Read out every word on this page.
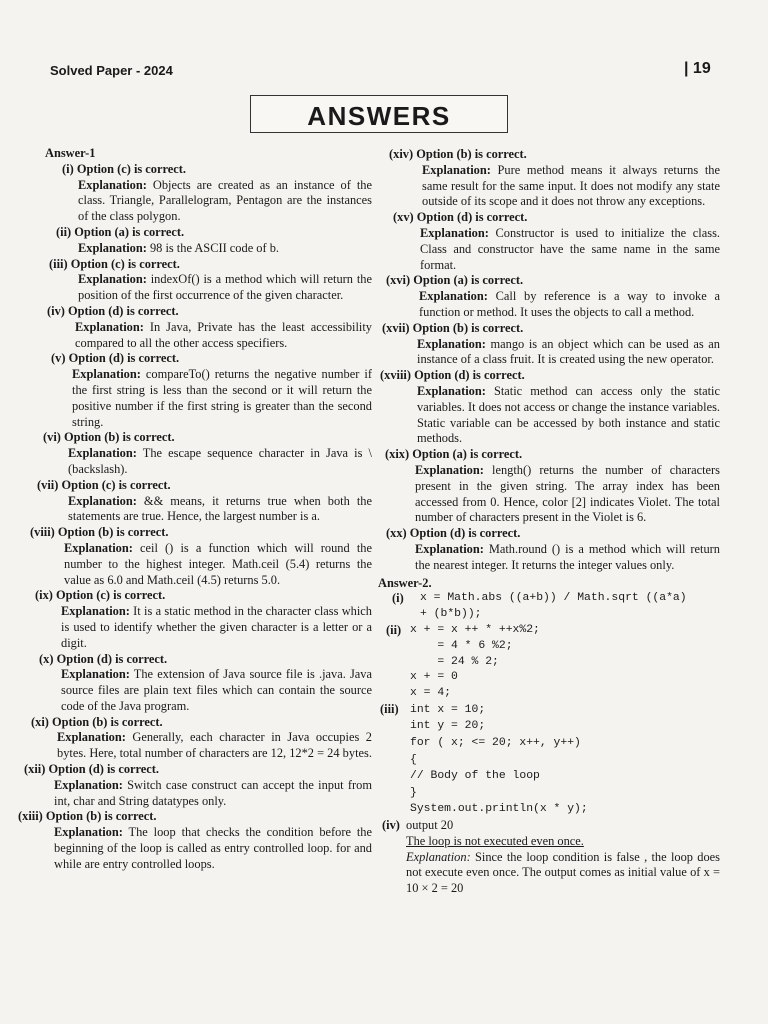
Solved Paper - 2024	| 19
ANSWERS

Answer-1

(i) Option (c) is correct.

Explanation: Objects are created as an instance of the class. Triangle, Parallelogram, Pentagon are the instances of the class polygon.

(ii) Option (a) is correct.

Explanation: 98 is the ASCII code of b.

(iii) Option (c) is correct.

Explanation: indexOf() is a method which will return the position of the first occurrence of the given character.

(iv) Option (d) is correct.

Explanation: In Java, Private has the least accessibility compared to all the other access specifiers.

(v) Option (d) is correct.

Explanation: compareTo() returns the negative number if the first string is less than the second or it will return the positive number if the first string is greater than the second string.

(vi) Option (b) is correct.

Explanation: The escape sequence character in Java is \ (backslash).

(vii) Option (c) is correct.

Explanation: && means, it returns true when both the statements are true. Hence, the largest number is a.

(viii) Option (b) is correct.

Explanation: ceil () is a function which will round the number to the highest integer. Math.ceil (5.4) returns the value as 6.0 and Math.ceil (4.5) returns 5.0.

(ix) Option (c) is correct.

Explanation: It is a static method in the character class which is used to identify whether the given character is a letter or a digit.

(x) Option (d) is correct.

Explanation: The extension of Java source file is .java. Java source files are plain text files which can contain the source code of the Java program.

(xi) Option (b) is correct.

Explanation: Generally, each character in Java occupies 2 bytes. Here, total number of characters are 12, 12*2 = 24 bytes.

(xii) Option (d) is correct.

Explanation: Switch case construct can accept the input from int, char and String datatypes only.

(xiii) Option (b) is correct.

Explanation: The loop that checks the condition before the beginning of the loop is called as entry controlled loop. for and while are entry controlled loops.

(xiv) Option (b) is correct.

Explanation: Pure method means it always returns the same result for the same input. It does not modify any state outside of its scope and it does not throw any exceptions.

(xv) Option (d) is correct.

Explanation: Constructor is used to initialize the class. Class and constructor have the same name in the same format.

(xvi) Option (a) is correct.

Explanation: Call by reference is a way to invoke a function or method. It uses the objects to call a method.

(xvii) Option (b) is correct.

Explanation: mango is an object which can be used as an instance of a class fruit. It is created using the new operator.

(xviii) Option (d) is correct.

Explanation: Static method can access only the static variables. It does not access or change the instance variables. Static variable can be accessed by both instance and static methods.

(xix) Option (a) is correct.

Explanation: length() returns the number of characters present in the given string. The array index has been accessed from 0. Hence, color [2] indicates Violet. The total number of characters present in the Violet is 6.

(xx) Option (d) is correct.

Explanation: Math.round () is a method which will return the nearest integer. It returns the integer values only.

Answer-2.

(i)	x = Math.abs ((a+b)) / Math.sqrt ((a*a)

+ (b*b));

(ii) x + = x ++ * ++x%2;

= 4 * 6 %2;

= 24 % 2;

x + = 0

x = 4;

(iii)	int x = 10;

int y = 20;

for ( x; <= 20; x++, y++)

{

// Body of the loop

}

System.out.println(x * y);

(iv) output 20

The loop is not executed even once.

Explanation: Since the loop condition is false , the loop does not execute even once. The output comes as initial value of x = 10 × 2 = 20
